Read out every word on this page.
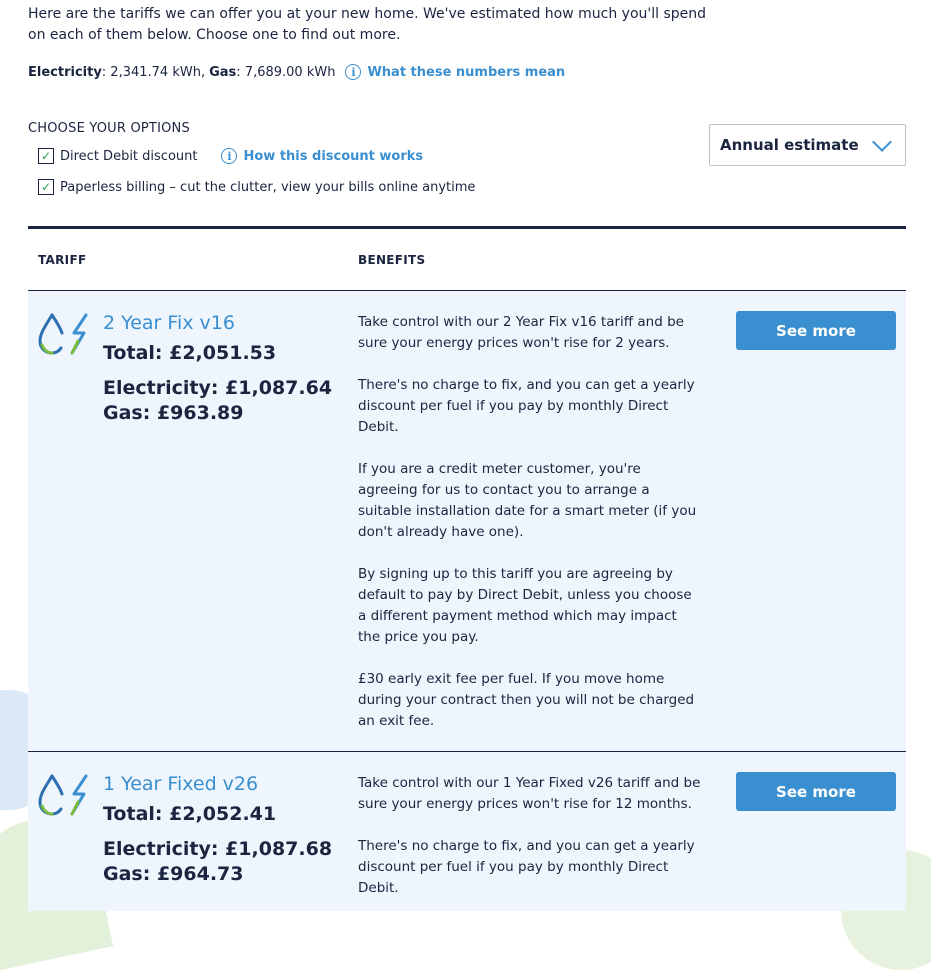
Here are the tariffs we can offer you at your new home. We've estimated how much you'll spend on each of them below. Choose one to find out more.
Electricity : 2,341.74 kWh, Gas : 7,689.00 kWh	i What these numbers mean
CHOOSE YOUR OPTIONS
✓ Direct Debit discount	i How this discount works
✓ Paperless billing – cut the clutter, view your bills online anytime
Annual estimate
TARIFF	BENEFITS
2 Year Fix v16
Total: £2,051.53
Electricity: £1,087.64
Gas: £963.89

Take control with our 2 Year Fix v16 tariff and be sure your energy prices won't rise for 2 years.

There's no charge to fix, and you can get a yearly discount per fuel if you pay by monthly Direct Debit.

If you are a credit meter customer, you're agreeing for us to contact you to arrange a suitable installation date for a smart meter (if you don't already have one).

By signing up to this tariff you are agreeing by default to pay by Direct Debit, unless you choose a different payment method which may impact the price you pay.

£30 early exit fee per fuel. If you move home during your contract then you will not be charged an exit fee.

See more
1 Year Fixed v26
Total: £2,052.41
Electricity: £1,087.68
Gas: £964.73

Take control with our 1 Year Fixed v26 tariff and be sure your energy prices won't rise for 12 months.

There's no charge to fix, and you can get a yearly discount per fuel if you pay by monthly Direct Debit.

See more
